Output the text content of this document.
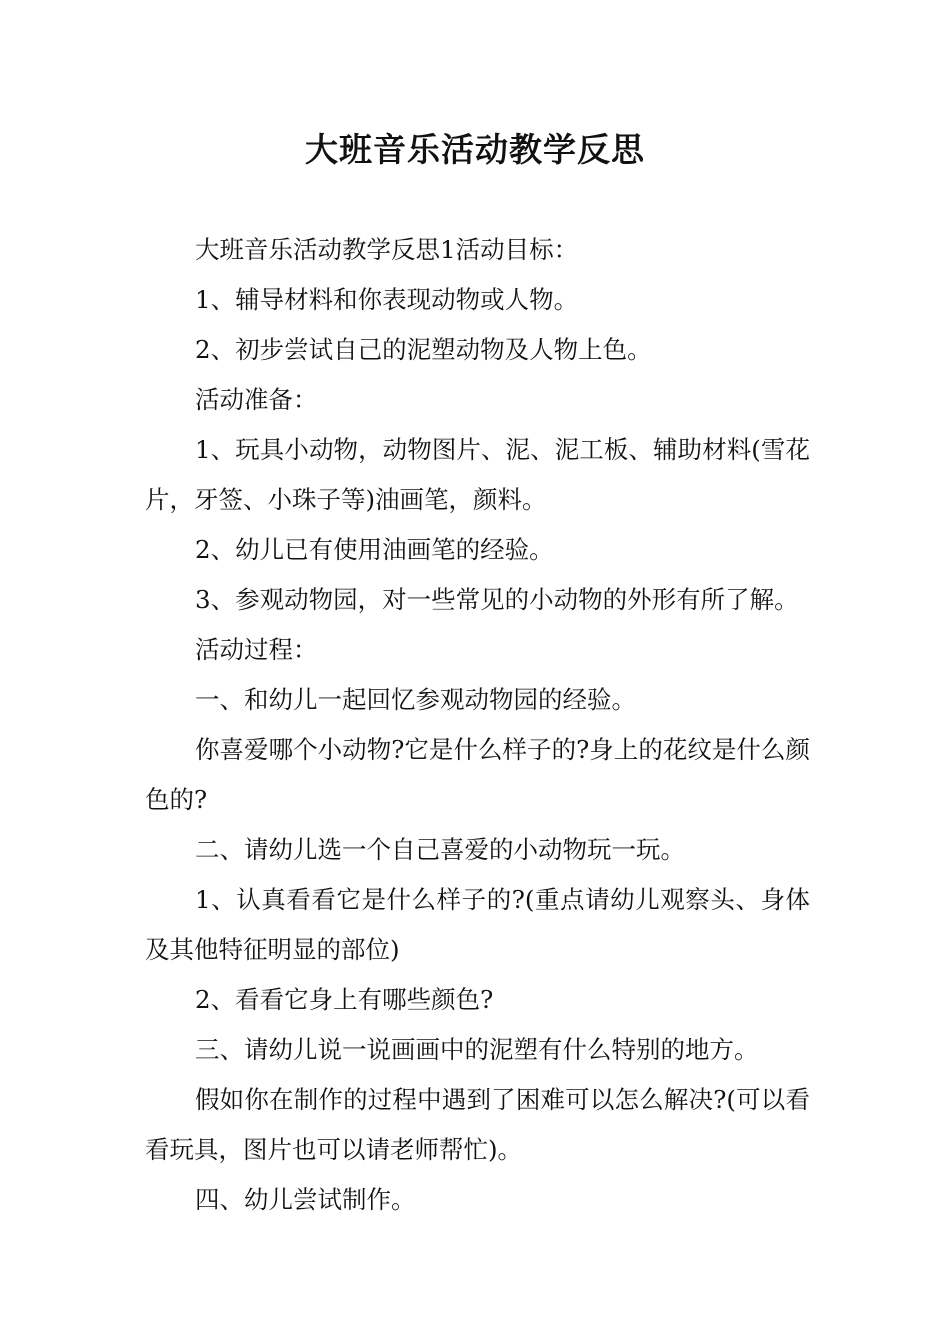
大班音乐活动教学反思

大班音乐活动教学反思1活动目标：

1、辅导材料和你表现动物或人物。

2、初步尝试自己的泥塑动物及人物上色。

活动准备：

1、玩具小动物，动物图片、泥、泥工板、辅助材料(雪花片，牙签、小珠子等)油画笔，颜料。

2、幼儿已有使用油画笔的经验。

3、参观动物园，对一些常见的小动物的外形有所了解。

活动过程：

一、和幼儿一起回忆参观动物园的经验。

你喜爱哪个小动物?它是什么样子的?身上的花纹是什么颜色的?

二、请幼儿选一个自己喜爱的小动物玩一玩。

1、认真看看它是什么样子的?(重点请幼儿观察头、身体及其他特征明显的部位)

2、看看它身上有哪些颜色?

三、请幼儿说一说画画中的泥塑有什么特别的地方。

假如你在制作的过程中遇到了困难可以怎么解决?(可以看看玩具，图片也可以请老师帮忙)。

四、幼儿尝试制作。
